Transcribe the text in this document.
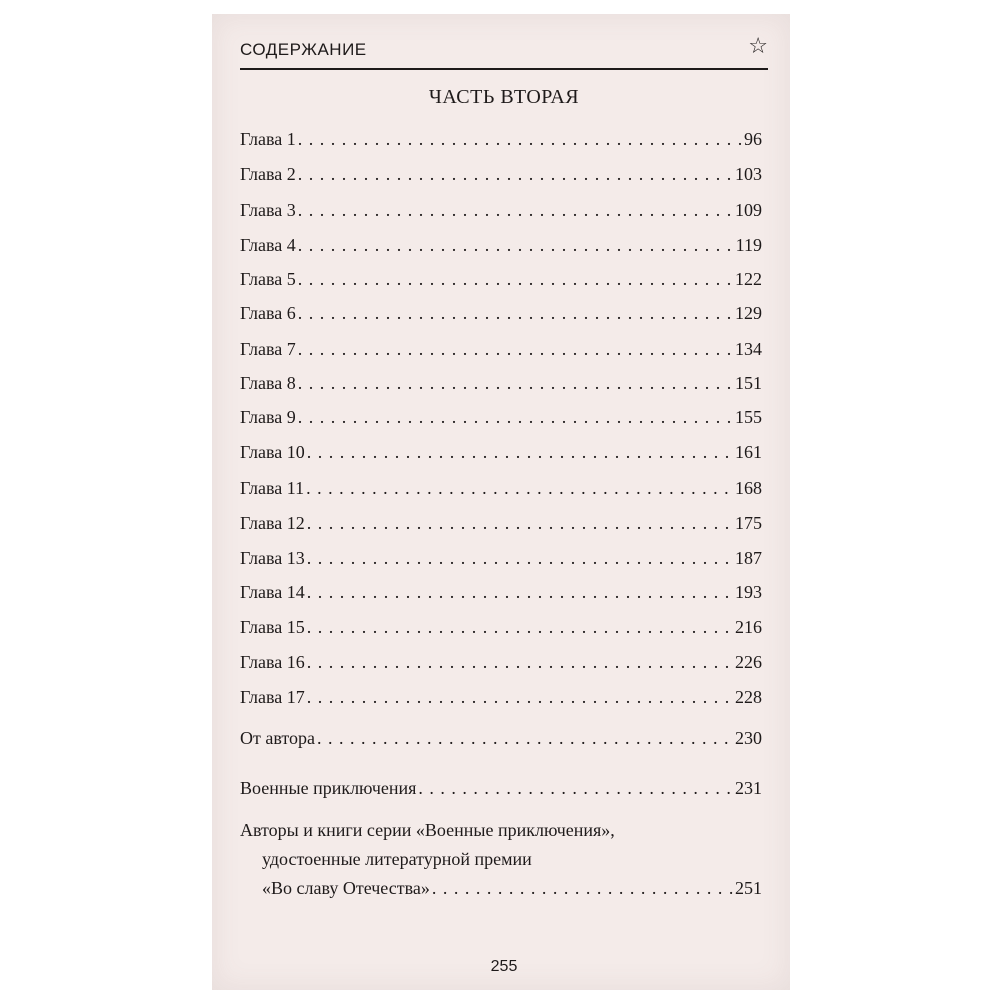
СОДЕРЖАНИЕ	☆
ЧАСТЬ ВТОРАЯ
Глава 1 . . .	96
Глава 2 . . .	103
Глава 3 . . .	109
Глава 4 . . .	119
Глава 5 . . .	122
Глава 6 . . .	129
Глава 7 . . .	134
Глава 8 . . .	151
Глава 9 . . .	155
Глава 10 . . .	161
Глава 11 . . .	168
Глава 12 . . .	175
Глава 13 . . .	187
Глава 14 . . .	193
Глава 15 . . .	216
Глава 16 . . .	226
Глава 17 . . .	228
От автора . . .	230
Военные приключения . . .	231
Авторы и книги серии «Военные приключения»,
удостоенные литературной премии
«Во славу Отечества» . . .	251
255
